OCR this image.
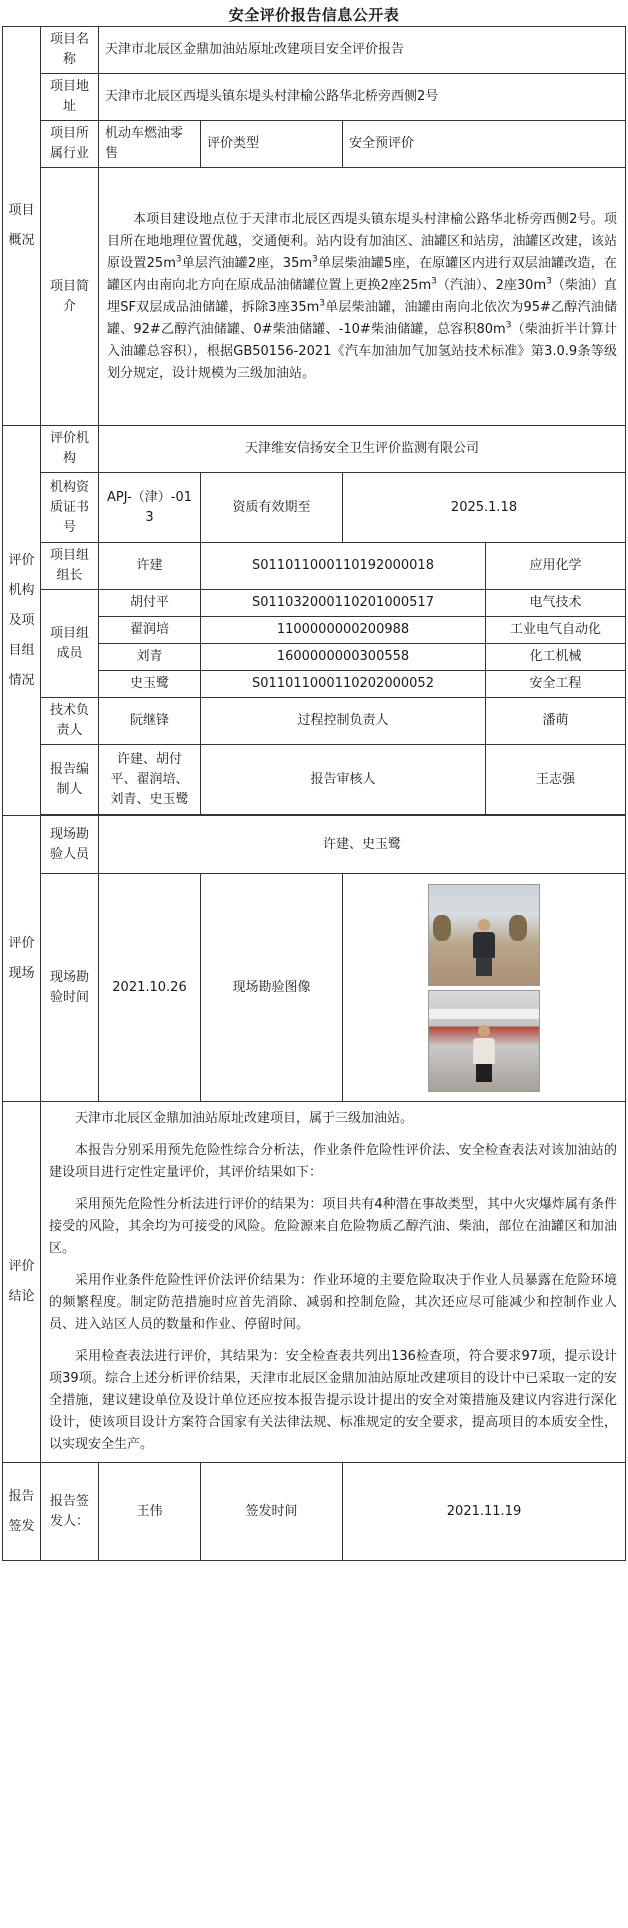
安全评价报告信息公开表
项目概况	项目名称	天津市北辰区金鼎加油站原址改建项目安全评价报告			
	项目地址	天津市北辰区西堤头镇东堤头村津榆公路华北桥旁西侧2号			
	项目所属行业	机动车燃油零售	评价类型	安全预评价	
	项目简介	本项目建设地点位于天津市北辰区西堤头镇东堤头村津榆公路华北桥旁西侧2号。项目所在地地理位置优越，交通便利。站内设有加油区、油罐区和站房，油罐区改建，该站原设置$25m^3$单层汽油罐2座，$35m^3$单层柴油罐5座，在原罐区内进行双层油罐改造，在罐区内由南向北方向在原成品油储罐位置上更换2座$25m^3$（汽油）、2座$30m^3$（柴油）直埋SF双层成品油储罐，拆除3座$35m^3$单层柴油罐，油罐由南向北依次为95#乙醇汽油储罐、92#乙醇汽油储罐、0#柴油储罐、-10#柴油储罐，总容积$80m^3$（柴油折半计算计入油罐总容积），根据GB50156-2021《汽车加油加气加氢站技术标准》第3.0.9条等级划分规定，设计规模为三级加油站。			
评价机构及项目组情况	评价机构	天津维安信扬安全卫生评价监测有限公司			
	机构资质证书号	APJ-（津）-013	资质有效期至	2025.1.18	
	项目组组长	许建	S011011000110192000018		应用化学
	项目组成员	胡付平	S011032000110201000517		电气技术
		翟润培	1100000000200988		工业电气自动化
		刘青	1600000000300558		化工机械
		史玉鹭	S011011000110202000052		安全工程
	技术负责人	阮继锋	过程控制负责人		潘萌
	报告编制人	许建、胡付平、翟润培、刘青、史玉鹭	报告审核人		王志强

评价现场	现场勘验人员	许建、史玉鹭			
	现场勘验时间	2021.10.26	现场勘验图像		

评价结论	天津市北辰区金鼎加油站原址改建项目，属于三级加油站。

本报告分别采用预先危险性综合分析法，作业条件危险性评价法、安全检查表法对该加油站的建设项目进行定性定量评价，其评价结果如下：

采用预先危险性分析法进行评价的结果为：项目共有4种潜在事故类型，其中火灾爆炸属有条件接受的风险，其余均为可接受的风险。危险源来自危险物质乙醇汽油、柴油，部位在油罐区和加油区。

采用作业条件危险性评价法评价结果为：作业环境的主要危险取决于作业人员暴露在危险环境的频繁程度。制定防范措施时应首先消除、减弱和控制危险，其次还应尽可能减少和控制作业人员、进入站区人员的数量和作业、停留时间。

采用检查表法进行评价，其结果为：安全检查表共列出136检查项，符合要求97项，提示设计项39项。综合上述分析评价结果，天津市北辰区金鼎加油站原址改建项目的设计中已采取一定的安全措施，建议建设单位及设计单位还应按本报告提示设计提出的安全对策措施及建议内容进行深化设计，使该项目设计方案符合国家有关法律法规、标准规定的安全要求，提高项目的本质安全性，以实现安全生产。				

报告签发	报告签发人：	王伟	签发时间	2021.11.19	
